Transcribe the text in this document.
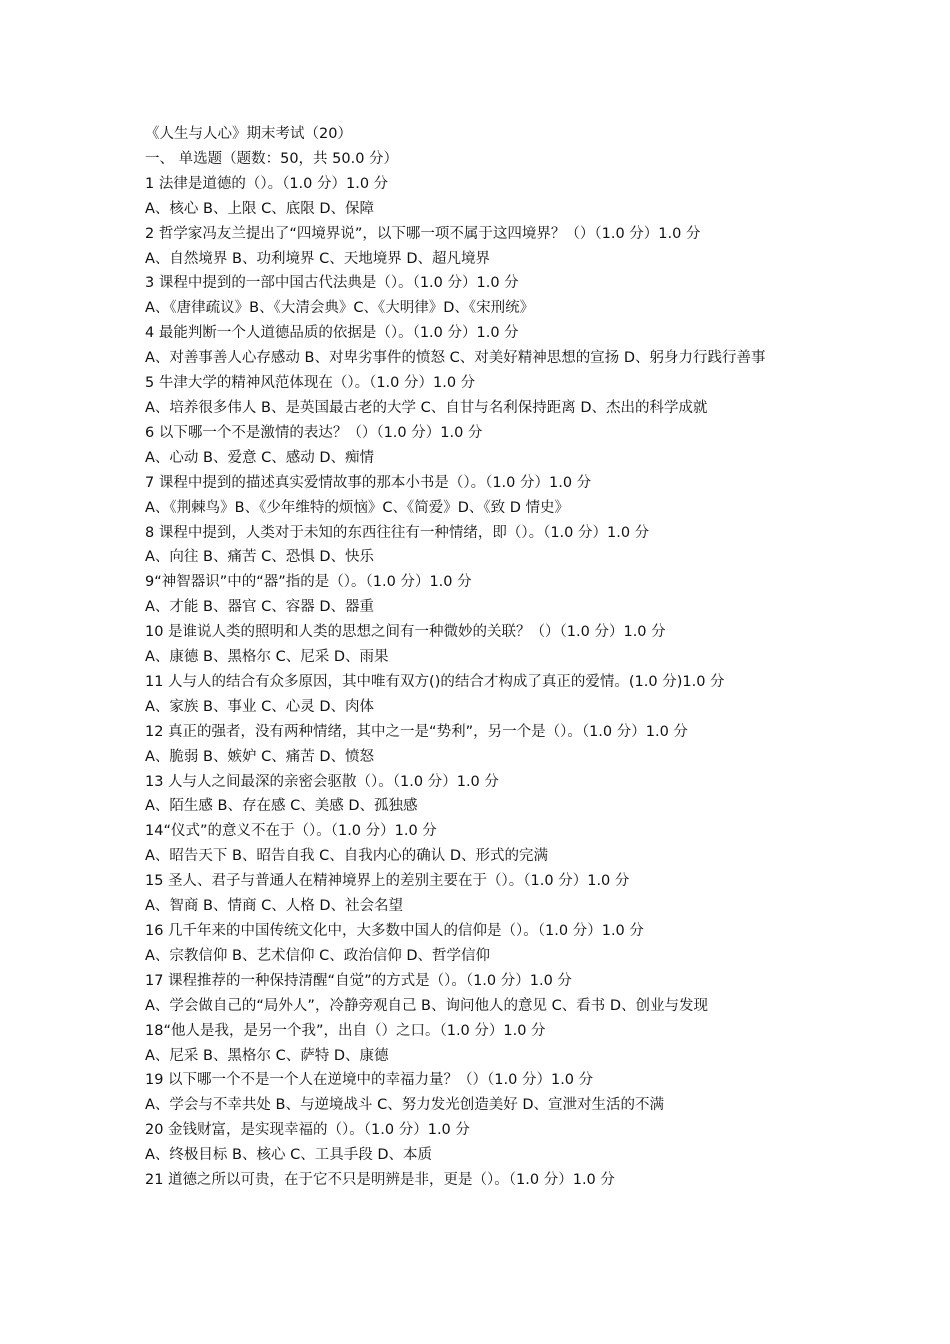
《人生与人心》期末考试（20）
一、 单选题（题数：50，共 50.0 分）
1 法律是道德的（）。（1.0 分）1.0 分
A、核心 B、上限 C、底限 D、保障
2 哲学家冯友兰提出了“四境界说”，以下哪一项不属于这四境界？（）（1.0 分）1.0 分
A、自然境界 B、功利境界 C、天地境界 D、超凡境界
3 课程中提到的一部中国古代法典是（）。（1.0 分）1.0 分
A、《唐律疏议》B、《大清会典》C、《大明律》D、《宋刑统》
4 最能判断一个人道德品质的依据是（）。（1.0 分）1.0 分
A、对善事善人心存感动 B、对卑劣事件的愤怒 C、对美好精神思想的宣扬 D、躬身力行践行善事
5 牛津大学的精神风范体现在（）。（1.0 分）1.0 分
A、培养很多伟人 B、是英国最古老的大学 C、自甘与名利保持距离 D、杰出的科学成就
6 以下哪一个不是激情的表达？（）（1.0 分）1.0 分
A、心动 B、爱意 C、感动 D、痴情
7 课程中提到的描述真实爱情故事的那本小书是（）。（1.0 分）1.0 分
A、《荆棘鸟》B、《少年维特的烦恼》C、《简爱》D、《致 D 情史》
8 课程中提到，人类对于未知的东西往往有一种情绪，即（）。（1.0 分）1.0 分
A、向往 B、痛苦 C、恐惧 D、快乐
9“神智器识”中的“器”指的是（）。（1.0 分）1.0 分
A、才能 B、器官 C、容器 D、器重
10 是谁说人类的照明和人类的思想之间有一种微妙的关联？（）（1.0 分）1.0 分
A、康德 B、黑格尔 C、尼采 D、雨果
11 人与人的结合有众多原因，其中唯有双方()的结合才构成了真正的爱情。(1.0 分)1.0 分
A、家族 B、事业 C、心灵 D、肉体
12 真正的强者，没有两种情绪，其中之一是“势利”，另一个是（）。（1.0 分）1.0 分
A、脆弱 B、嫉妒 C、痛苦 D、愤怒
13 人与人之间最深的亲密会驱散（）。（1.0 分）1.0 分
A、陌生感 B、存在感 C、美感 D、孤独感
14“仪式”的意义不在于（）。（1.0 分）1.0 分
A、昭告天下 B、昭告自我 C、自我内心的确认 D、形式的完满
15 圣人、君子与普通人在精神境界上的差别主要在于（）。（1.0 分）1.0 分
A、智商 B、情商 C、人格 D、社会名望
16 几千年来的中国传统文化中，大多数中国人的信仰是（）。（1.0 分）1.0 分
A、宗教信仰 B、艺术信仰 C、政治信仰 D、哲学信仰
17 课程推荐的一种保持清醒“自觉”的方式是（）。（1.0 分）1.0 分
A、学会做自己的“局外人”，冷静旁观自己 B、询问他人的意见 C、看书 D、创业与发现
18“他人是我，是另一个我”，出自（）之口。（1.0 分）1.0 分
A、尼采 B、黑格尔 C、萨特 D、康德
19 以下哪一个不是一个人在逆境中的幸福力量？（）（1.0 分）1.0 分
A、学会与不幸共处 B、与逆境战斗 C、努力发光创造美好 D、宣泄对生活的不满
20 金钱财富，是实现幸福的（）。（1.0 分）1.0 分
A、终极目标 B、核心 C、工具手段 D、本质
21 道德之所以可贵，在于它不只是明辨是非，更是（）。（1.0 分）1.0 分
